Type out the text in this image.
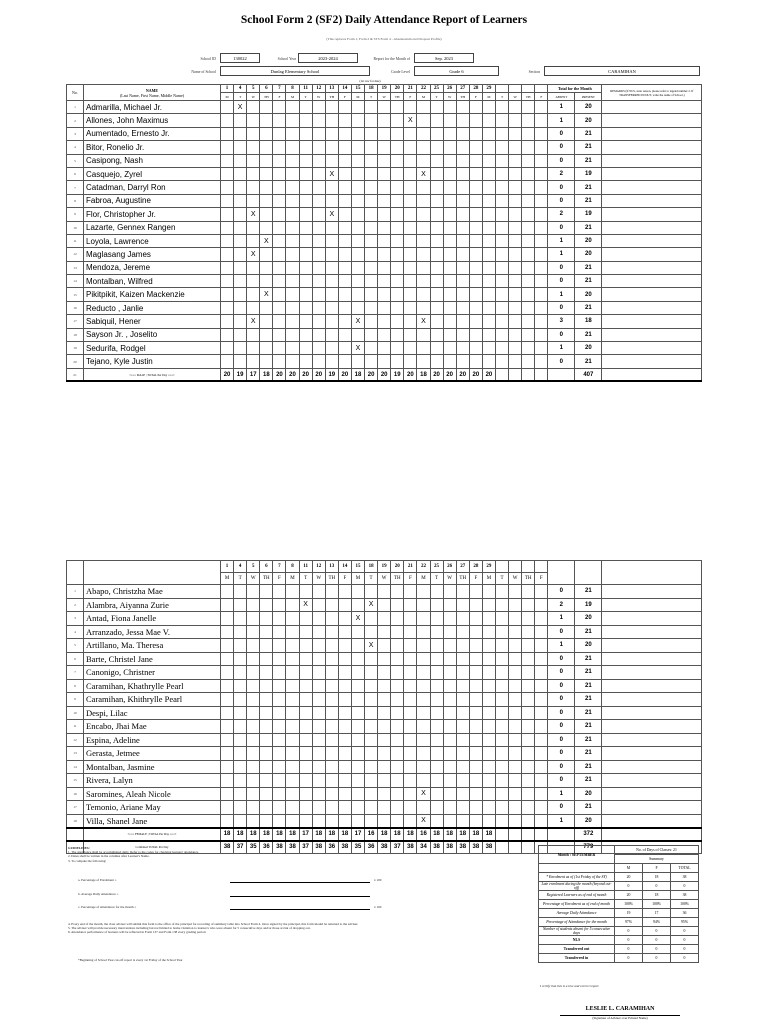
School Form 2 (SF2) Daily Attendance Report of Learners
(This replaces Form 1, Form 2 & STS Form 4 - Absenteeism and Dropout Profile)
School ID	130022	School Year	2023-2024	Report for the Month of	Sep. 2023
Name of School	Dunlag Elementary School	Grade Level	Grade 6	Section	CARAMIHAN
(1st row for date)
No.	NAME
(Last Name, First Name, Middle Name)	1	4	5	6	7	8	11	12	13	14	15	18	19	20	21	22	25	26	27	28	29					Total for the Month		REMARKS (If NLS, state reason, please refer to legend number 2. If TRANSFERRED IN/OUT, write the name of School.)
		M	T	W	TH	F	M	T	W	TH	F	M	T	W	TH	F	M	T	W	TH	F	M	T	W	TH	F	ABSENT	PRESENT	
1	Admarilla, Michael Jr.		X																								1	20	
2	Allones, John Maximus															X											1	20	
3	Aumentado, Ernesto Jr.																										0	21	
4	Bitor, Ronelio Jr.																										0	21	
5	Casipong, Nash																										0	21	
6	Casquejo, Zyrel									X							X										2	19	
7	Catadman, Darryl Ron																										0	21	
8	Fabroa, Augustine																										0	21	
9	Flor, Christopher Jr.			X						X																	2	19	
10	Lazarte, Gennex Rangen																										0	21	
11	Loyola, Lawrence				X																						1	20	
12	Maglasang James			X																							1	20	
13	Mendoza, Jereme																										0	21	
14	Montalban, Wilfred																										0	21	
15	Pikitpikit, Kaizen Mackenzie				X																						1	20	
16	Reducto , Janlie																										0	21	
17	Sabiquil, Hener			X								X					X										3	18	
18	Sayson Jr. , Joselito																										0	21	
19	Sedurifa, Rodgel											X															1	20	
20	Tejano, Kyle Justin																										0	21	
21	<=== MALE | TOTAL Per Day ===>	20	19	17	18	20	20	20	20	19	20	18	20	20	19	20	18	20	20	20	20	20						407	
		1	4	5	6	7	8	11	12	13	14	15	18	19	20	21	22	25	26	27	28	29							
		M	T	W	TH	F	M	T	W	TH	F	M	T	W	TH	F	M	T	W	TH	F	M	T	W	TH	F			
1	Abapo, Christzha Mae																										0	21	
2	Alambra, Aiyanna Zurie							X					X														2	19	
3	Antad, Fiona Janelle											X															1	20	
4	Arranzado, Jessa Mae V.																										0	21	
5	Artillano, Ma. Theresa												X														1	20	
6	Barte, Christel Jane																										0	21	
7	Canonigo, Christner																										0	21	
8	Caramihan, Khathrylle Pearl																										0	21	
9	Caramihan, Khithrylle Pearl																										0	21	
10	Despi, Lilac																										0	21	
11	Encabo, Jhai Mae																										0	21	
12	Espina, Adeline																										0	21	
13	Gerasta, Jetmee																										0	21	
14	Montalban, Jasmine																										0	21	
15	Rivera, Lalyn																										0	21	
16	Saromines, Aleah Nicole																X										1	20	
17	Temonio, Ariane May																										0	21	
18	Villa, Shanel Jane																X										1	20	
	<=== FEMALE | TOTAL Per Day ===>	18	18	18	18	18	18	17	18	18	18	17	16	18	18	18	16	18	18	18	18	18						372	
	Combined TOTAL Per Day	38	37	35	36	38	38	37	38	36	38	35	36	38	37	38	34	38	38	38	38	38						779	
GUIDELINES:
1. The attendance shall be accomplished daily. Refer to the codes for checking learners' attendance.
2. Dates shall be written in the columns after Learner's Name.
3. To compute the following:
a. Percentage of Enrolment =	x 100
b. Average Daily Attendance =
c. Percentage of Attendance for the month =	x 100
4. Every end of the month, the class adviser will submit this form to the office of the principal for recording of summary table into School Form 4. Once signed by the principal, this form should be returned to the adviser.
5. The adviser will provide necessary interventions including but not limited to home visitation to learner/s who were absent for 5 consecutive days and/or those at risk of dropping out.
6. Attendance performance of learners will be reflected in Form 137 and Form 138 every grading period.
*Beginning of School Year cut-off report is every 1st Friday of the School Year
Month : SEPTEMBER	No. of Days of Classes: 21		
	Summary		
	M	F	TOTAL
* Enrolment as of (1st Friday of the SY)	20	18	38
Late enrolment during the month (beyond cut-off)	0	0	0
Registered Learners as of end of month	20	18	38
Percentage of Enrolment as of end of month	100%	100%	100%
Average Daily Attendance	19	17	36
Percentage of Attendance for the month	97%	94%	95%
Number of students absent for 5 consecutive days	0	0	0
NLS	0	0	0
Transferred out	0	0	0
Transferred in	0	0	0
I certify that this is a true and correct report.
LESLIE L. CARAMIHAN
(Signature of Adviser over Printed Name)
